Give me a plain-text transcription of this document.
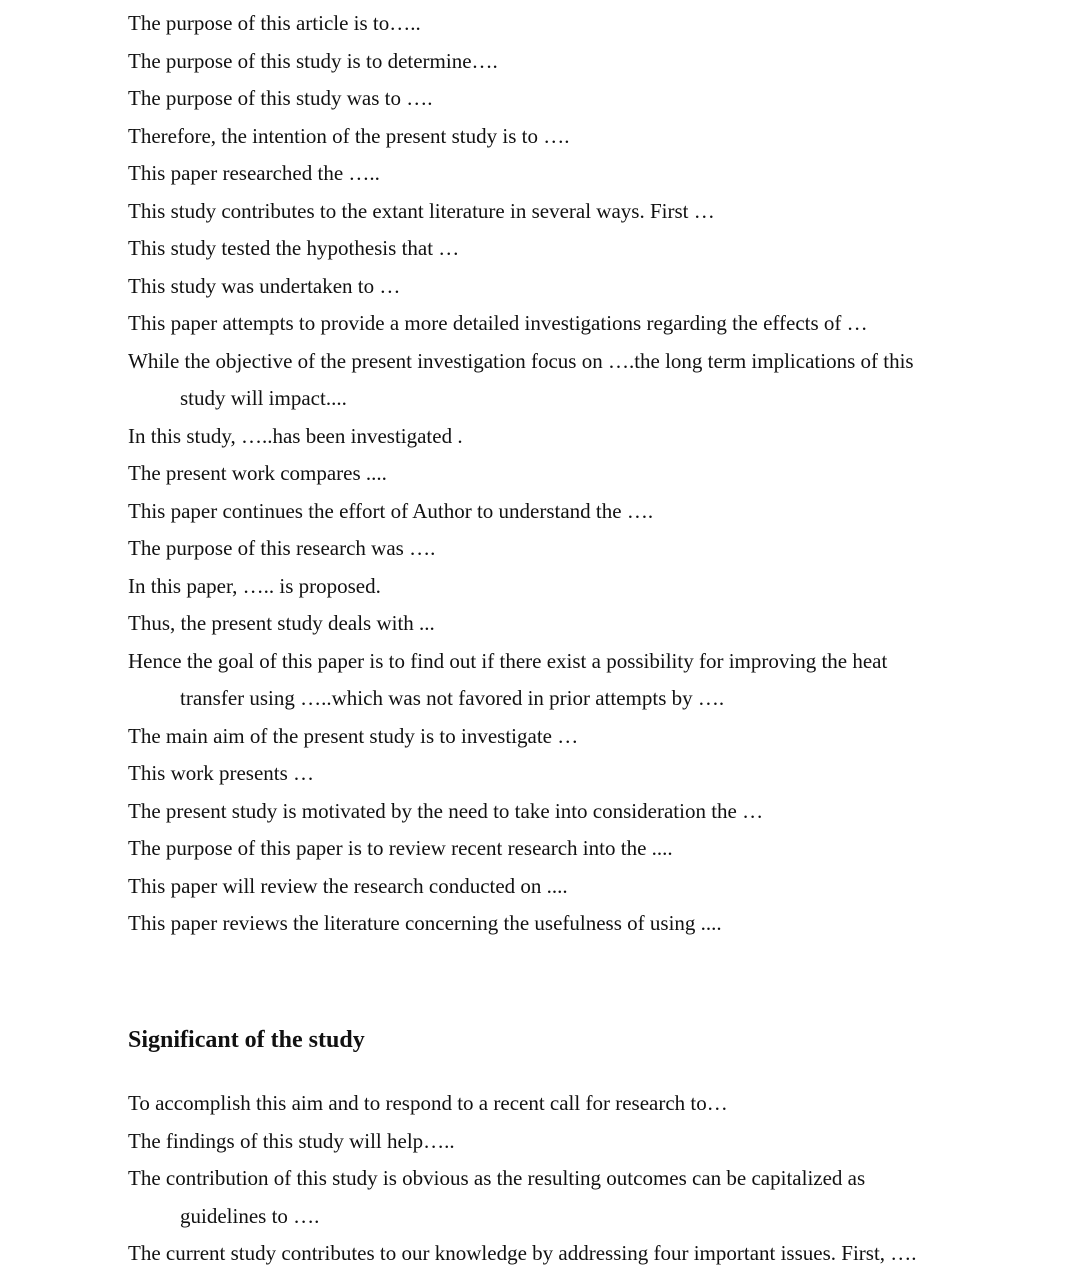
The purpose of this article is to…..
The purpose of this study is to determine….
The purpose of this study was to ….
Therefore, the intention of the present study is to ….
This paper researched the …..
This study contributes to the extant literature in several ways. First …
This study tested the hypothesis that …
This study was undertaken to …
This paper attempts to provide a more detailed investigations regarding the effects of …
While the objective of the present investigation focus on ….the long term implications of this
study will impact....
In this study, …..has been investigated .
The present work compares ....
This paper continues the effort of Author to understand the ….
The purpose of this research was ….
In this paper, ….. is proposed.
Thus, the present study deals with ...
Hence the goal of this paper is to find out if there exist a possibility for improving the heat
transfer using …..which was not favored in prior attempts by ….
The main aim of the present study is to investigate …
This work presents …
The present study is motivated by the need to take into consideration the …
The purpose of this paper is to review recent research into the ....
This paper will review the research conducted on ....
This paper reviews the literature concerning the usefulness of using ....
Significant of the study
To accomplish this aim and to respond to a recent call for research to…
The findings of this study will help…..
The contribution of this study is obvious as the resulting outcomes can be capitalized as
guidelines to ….
The current study contributes to our knowledge by addressing four important issues. First, ….
